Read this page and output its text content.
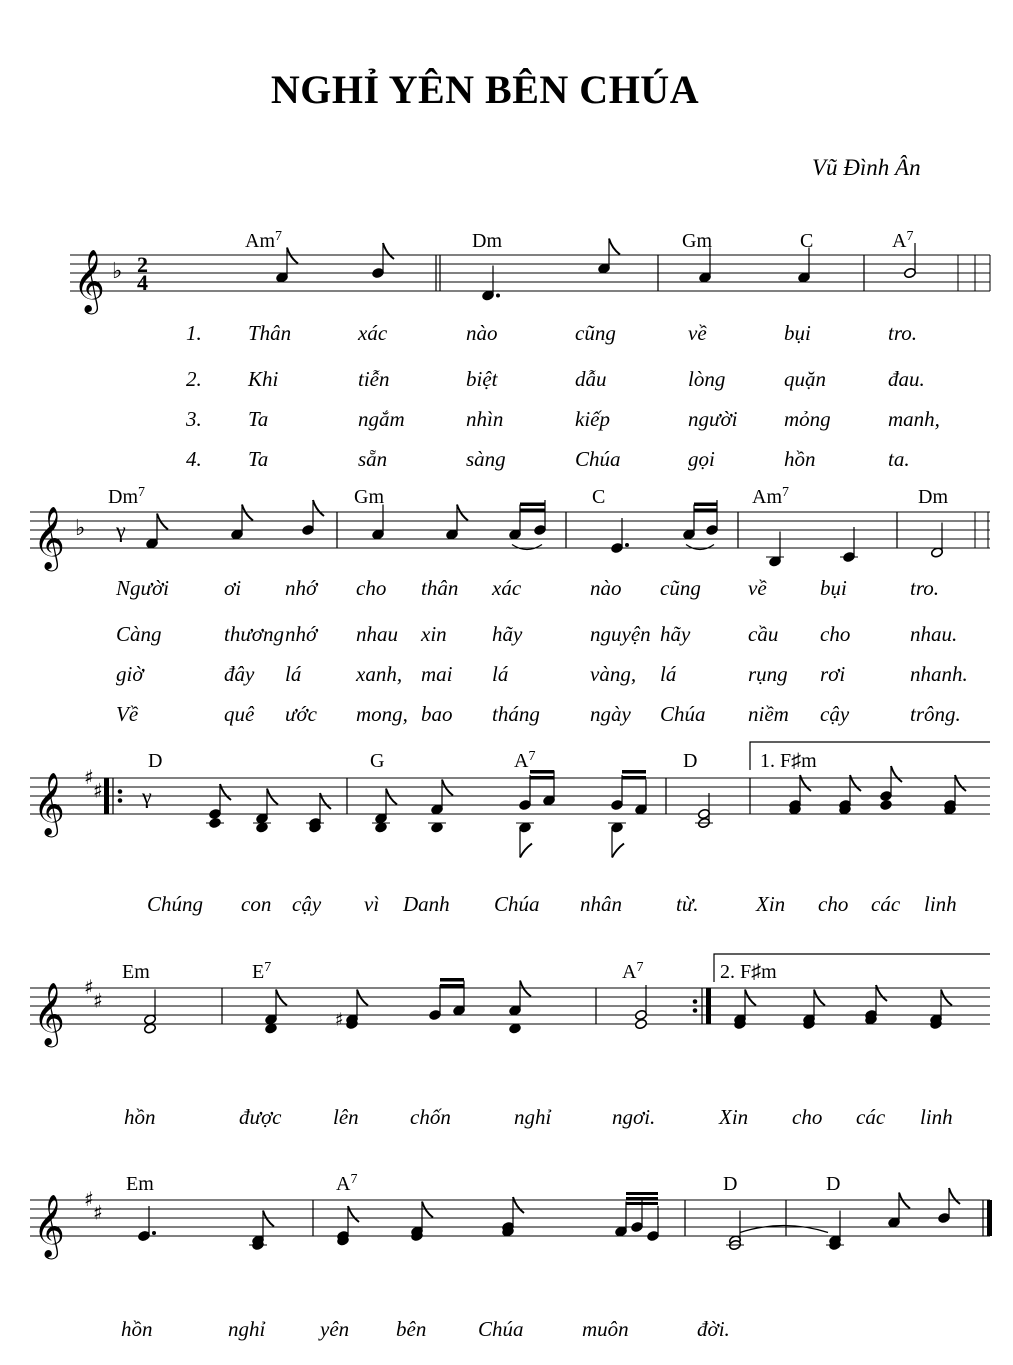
NGHỈ YÊN BÊN CHÚA
Vũ Đình Ân
𝄞 ♭ 2
4
Am$^7$	Dm	Gm	C	$A^7$
1. Thân	xác	nào	cũng	về	bụi	tro.
2. Khi	tiễn	biệt	dẫu	lòng	quặn	đau.
3. Ta	ngắm	nhìn	kiếp	người mỏng	manh,
4. Ta	sẵn	sàng	Chúa	gọi	hồn	ta.
𝄞 ♭ γ
Dm$^7$	Gm	C	Am$^7$	Dm
Người	ơi nhớ cho thân xác	nào cũng về	bụi	tro.
Càng	thương nhớ nhau xin hãy	nguyện hãy	cầu cho	nhau.
giờ	đây lá	xanh, mai lá	vàng, lá	rụng rơi	nhanh.
Về	quê ước mong, bao tháng ngày Chúa niềm cậy	trông.
𝄞 ♯
♯ γ
D	G	$A^7$	D	1. F♯m
Chúng con cậy vì Danh Chúa nhân	từ.	Xin cho các linh
𝄞 ♯
♯
♯
Em	$E^7$	$A^7$	2. F♯m
hồn	được lên chốn	nghỉ	ngơi.	Xin cho các linh
𝄞 ♯
♯
Em	$A^7$	D	D
hồn	nghỉ	yên bên Chúa	muôn	đời.
